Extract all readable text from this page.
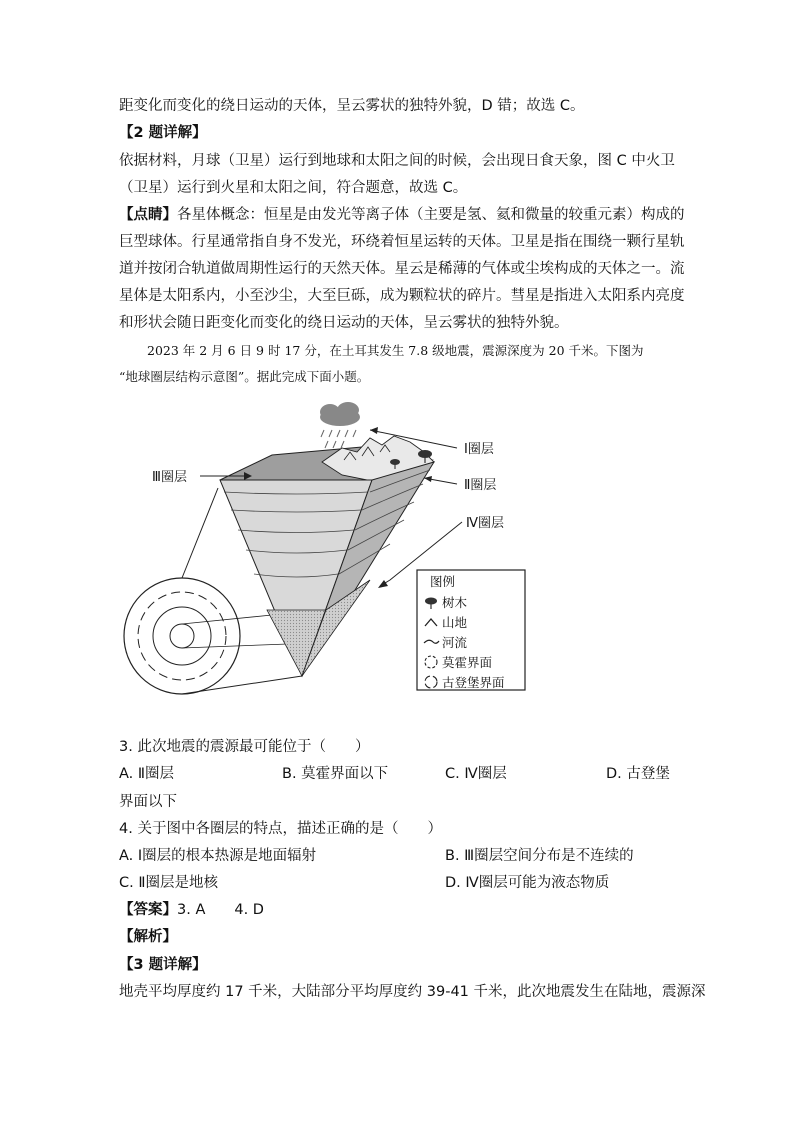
距变化而变化的绕日运动的天体，呈云雾状的独特外貌，D 错；故选 C。
【2 题详解】
依据材料，月球（卫星）运行到地球和太阳之间的时候，会出现日食天象，图 C 中火卫
（卫星）运行到火星和太阳之间，符合题意，故选 C。
【点睛】各星体概念：恒星是由发光等离子体（主要是氢、氦和微量的较重元素）构成的
巨型球体。行星通常指自身不发光，环绕着恒星运转的天体。卫星是指在围绕一颗行星轨
道并按闭合轨道做周期性运行的天然天体。星云是稀薄的气体或尘埃构成的天体之一。流
星体是太阳系内，小至沙尘，大至巨砾，成为颗粒状的碎片。彗星是指进入太阳系内亮度
和形状会随日距变化而变化的绕日运动的天体，呈云雾状的独特外貌。
2023 年 2 月 6 日 9 时 17 分，在土耳其发生 7.8 级地震，震源深度为 20 千米。下图为
“地球圈层结构示意图”。据此完成下面小题。
Ⅰ圈层
Ⅱ圈层
Ⅲ圈层
Ⅳ圈层
图例
树木
山地
河流
莫霍界面
古登堡界面
3. 此次地震的震源最可能位于（　　）
A. Ⅱ圈层	B. 莫霍界面以下	C. Ⅳ圈层	D. 古登堡
界面以下
4. 关于图中各圈层的特点，描述正确的是（　　）
A. Ⅰ圈层的根本热源是地面辐射	B. Ⅲ圈层空间分布是不连续的
C. Ⅱ圈层是地核	D. Ⅳ圈层可能为液态物质
【答案】3. A　　4. D
【解析】
【3 题详解】
地壳平均厚度约 17 千米，大陆部分平均厚度约 39-41 千米，此次地震发生在陆地，震源深
